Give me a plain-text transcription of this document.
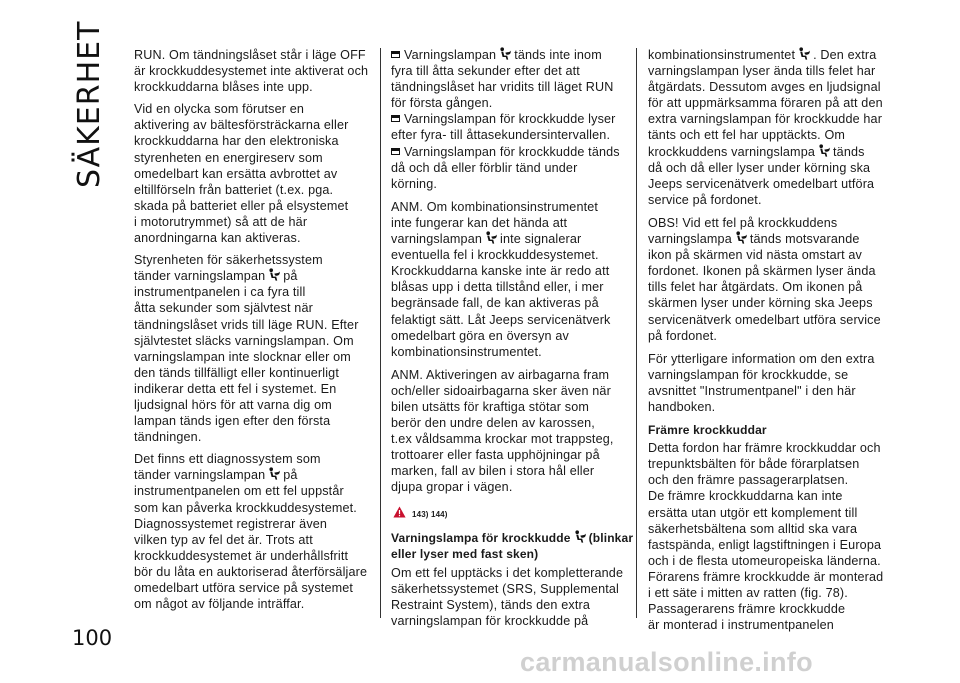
SÄKERHET
100
RUN. Om tändningslåset står i läge OFF
är krockkuddesystemet inte aktiverat och
krockkuddarna blåses inte upp.
Vid en olycka som förutser en
aktivering av bältesförsträckarna eller
krockkuddarna har den elektroniska
styrenheten en energireserv som
omedelbart kan ersätta avbrottet av
eltillförseln från batteriet (t.ex. pga.
skada på batteriet eller på elsystemet
i motorutrymmet) så att de här
anordningarna kan aktiveras.
Styrenheten för säkerhetssystem
tänder varningslampan på
instrumentpanelen i ca fyra till
åtta sekunder som självtest när
tändningslåset vrids till läge RUN. Efter
självtestet släcks varningslampan. Om
varningslampan inte slocknar eller om
den tänds tillfälligt eller kontinuerligt
indikerar detta ett fel i systemet. En
ljudsignal hörs för att varna dig om
lampan tänds igen efter den första
tändningen.
Det finns ett diagnossystem som
tänder varningslampan på
instrumentpanelen om ett fel uppstår
som kan påverka krockkuddesystemet.
Diagnossystemet registrerar även
vilken typ av fel det är. Trots att
krockkuddesystemet är underhållsfritt
bör du låta en auktoriserad återförsäljare
omedelbart utföra service på systemet
om något av följande inträffar.
Varningslampan tänds inte inom
fyra till åtta sekunder efter det att
tändningslåset har vridits till läget RUN
för första gången.
Varningslampan för krockkudde lyser
efter fyra- till åttasekundersintervallen.
Varningslampan för krockkudde tänds
då och då eller förblir tänd under
körning.
ANM. Om kombinationsinstrumentet
inte fungerar kan det hända att
varningslampan inte signalerar
eventuella fel i krockkuddesystemet.
Krockkuddarna kanske inte är redo att
blåsas upp i detta tillstånd eller, i mer
begränsade fall, de kan aktiveras på
felaktigt sätt. Låt Jeeps servicenätverk
omedelbart göra en översyn av
kombinationsinstrumentet.
ANM. Aktiveringen av airbagarna fram
och/eller sidoairbagarna sker även när
bilen utsätts för kraftiga stötar som
berör den undre delen av karossen,
t.ex våldsamma krockar mot trappsteg,
trottoarer eller fasta upphöjningar på
marken, fall av bilen i stora hål eller
djupa gropar i vägen.
143) 144)
Varningslampa för krockkudde (blinkar
eller lyser med fast sken)
Om ett fel upptäcks i det kompletterande
säkerhetssystemet (SRS, Supplemental
Restraint System), tänds den extra
varningslampan för krockkudde på
kombinationsinstrumentet . Den extra
varningslampan lyser ända tills felet har
åtgärdats. Dessutom avges en ljudsignal
för att uppmärksamma föraren på att den
extra varningslampan för krockkudde har
tänts och ett fel har upptäckts. Om
krockkuddens varningslampa tänds
då och då eller lyser under körning ska
Jeeps servicenätverk omedelbart utföra
service på fordonet.
OBS! Vid ett fel på krockkuddens
varningslampa tänds motsvarande
ikon på skärmen vid nästa omstart av
fordonet. Ikonen på skärmen lyser ända
tills felet har åtgärdats. Om ikonen på
skärmen lyser under körning ska Jeeps
servicenätverk omedelbart utföra service
på fordonet.
För ytterligare information om den extra
varningslampan för krockkudde, se
avsnittet "Instrumentpanel" i den här
handboken.
Främre krockkuddar
Detta fordon har främre krockkuddar och
trepunktsbälten för både förarplatsen
och den främre passagerarplatsen.
De främre krockkuddarna kan inte
ersätta utan utgör ett komplement till
säkerhetsbältena som alltid ska vara
fastspända, enligt lagstiftningen i Europa
och i de flesta utomeuropeiska länderna.
Förarens främre krockkudde är monterad
i ett säte i mitten av ratten (fig. 78).
Passagerarens främre krockkudde
är monterad i instrumentpanelen
carmanualsonline.info
